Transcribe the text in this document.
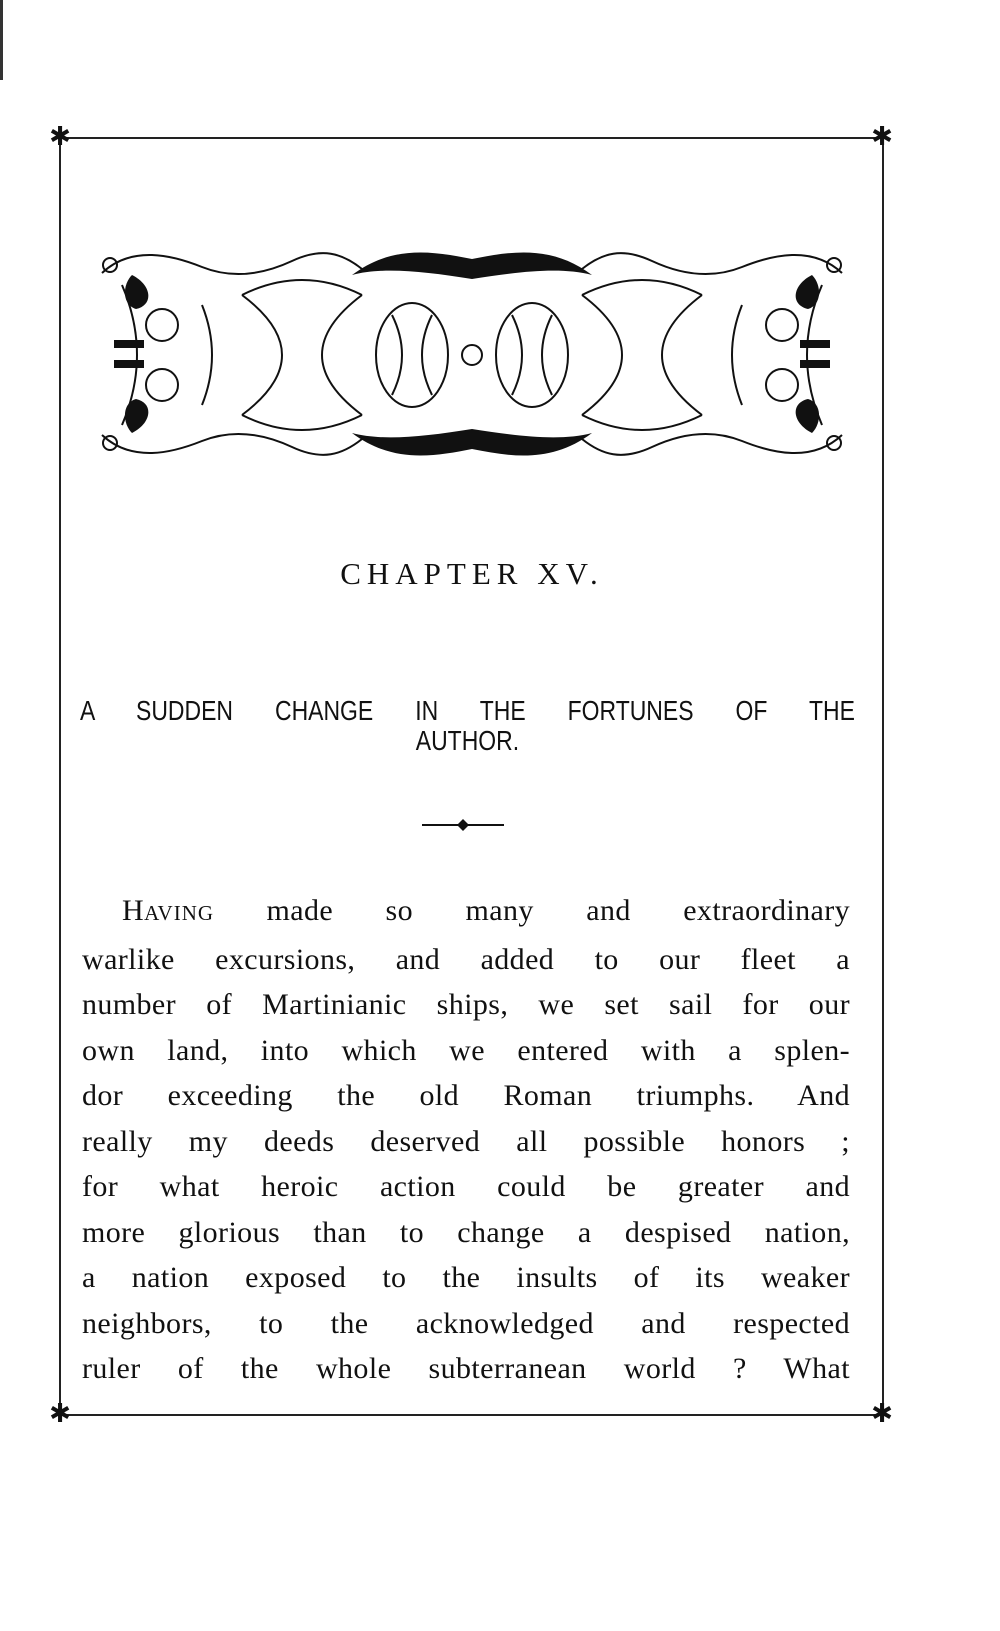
✱	✱
✱	✱
CHAPTER XV.
A SUDDEN CHANGE IN THE FORTUNES OF THE
AUTHOR.
HAVING made so many and extraordinary
warlike excursions, and added to our fleet a
number of Martinianic ships, we set sail for our
own land, into which we entered with a splen-
dor exceeding the old Roman triumphs. And
really my deeds deserved all possible honors ;
for what heroic action could be greater and
more glorious than to change a despised nation,
a nation exposed to the insults of its weaker
neighbors, to the acknowledged and respected
ruler of the whole subterranean world ? What
